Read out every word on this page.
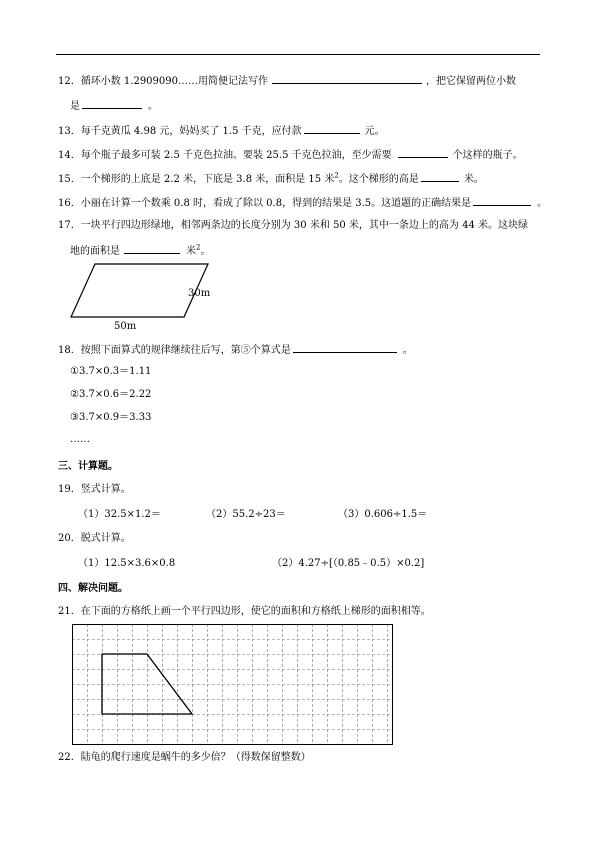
12．循环小数 1.2909090……用简便记法写作	，把它保留两位小数
是	。
13．每千克黄瓜 4.98 元，妈妈买了 1.5 千克，应付款	元。
14．每个瓶子最多可装 2.5 千克色拉油。要装 25.5 千克色拉油，至少需要	个这样的瓶子。
15．一个梯形的上底是 2.2 米，下底是 3.8 米，面积是 15 米$^2$。这个梯形的高是	米。
16．小丽在计算一个数乘 0.8 时，看成了除以 0.8，得到的结果是 3.5。这道题的正确结果是	。
17．一块平行四边形绿地，相邻两条边的长度分别为 30 米和 50 米，其中一条边上的高为 44 米。这块绿
地的面积是	米$^2$。
30m
50m
18．按照下面算式的规律继续往后写，第⑤个算式是	。
①3.7×0.3＝1.11
②3.7×0.6＝2.22
③3.7×0.9＝3.33
……
三、计算题。
19．竖式计算。
（1）32.5×1.2＝	（2）55.2÷23＝	（3）0.606÷1.5＝
20．脱式计算。
（1）12.5×3.6×0.8	（2）4.27÷[（0.85﹣0.5）×0.2]
四、解决问题。
21．在下面的方格纸上画一个平行四边形，使它的面积和方格纸上梯形的面积相等。
22．陆龟的爬行速度是蜗牛的多少倍？（得数保留整数）
